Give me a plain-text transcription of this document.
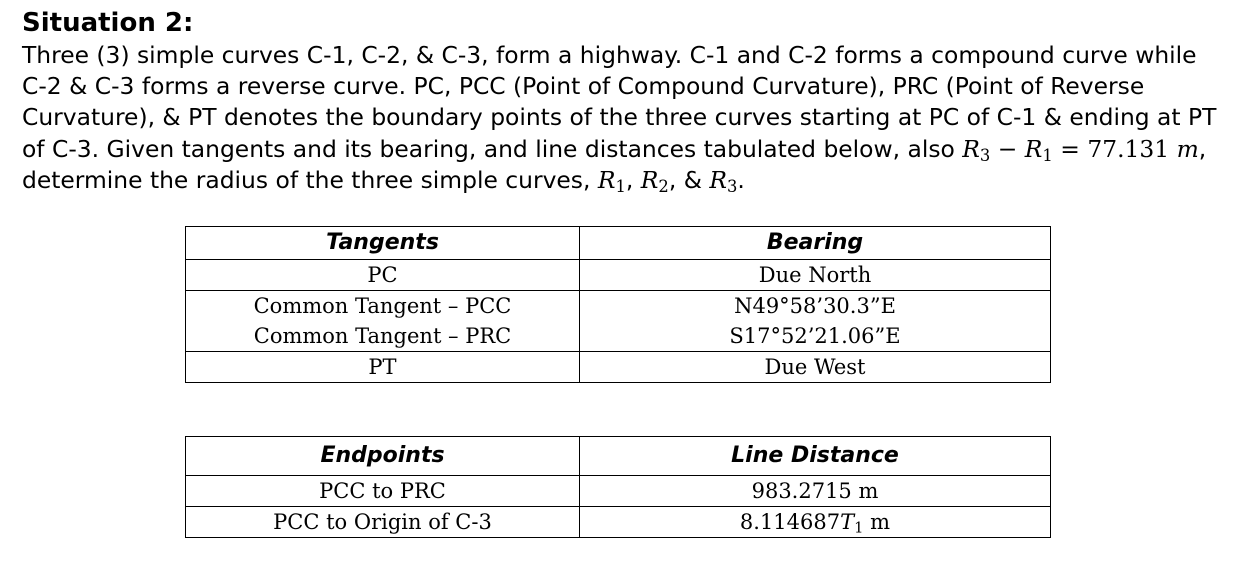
Situation 2:

Three (3) simple curves C-1, C-2, & C-3, form a highway. C-1 and C-2 forms a compound curve while C-2 & C-3 forms a reverse curve. PC, PCC (Point of Compound Curvature), PRC (Point of Reverse Curvature), & PT denotes the boundary points of the three curves starting at PC of C-1 & ending at PT of C-3. Given tangents and its bearing, and line distances tabulated below, also $R_3 - R_1 = 77.131$ m, determine the radius of the three simple curves, $R_1$, $R_2$, & $R_3$.

Tangents	Bearing
PC	Due North
Common Tangent – PCC	N49°58’30.3”E
Common Tangent – PRC	S17°52’21.06”E
PT	Due West
Endpoints	Line Distance
PCC to PRC	983.2715 m
PCC to Origin of C-3	$8.114687T_1$ m
